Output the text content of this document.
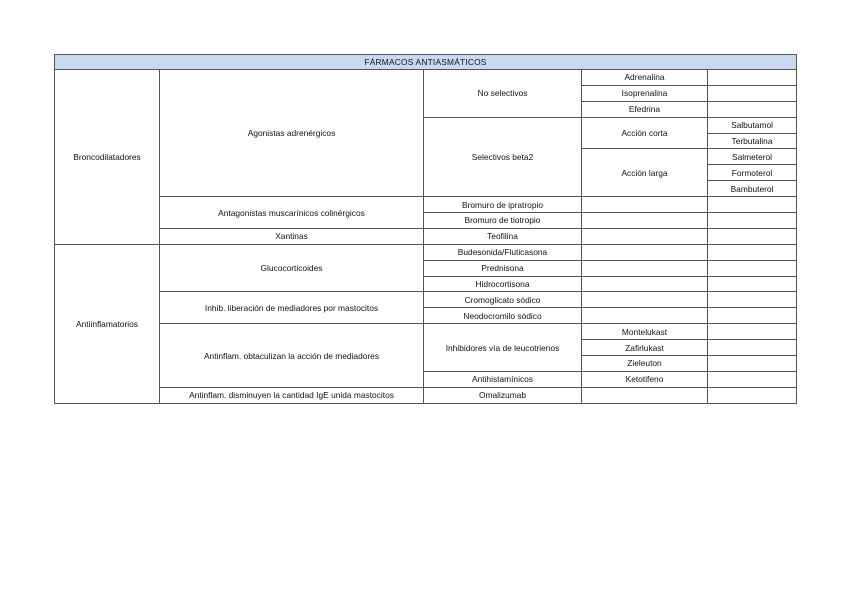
FÁRMACOS ANTIASMÁTICOS				
Broncodilatadores	Agonistas adrenérgicos	No selectivos	Adrenalina	
			Isoprenalina	
			Efedrina	
		Selectivos beta2	Acción corta	Salbutamol
				Terbutalina
			Acción larga	Salmeterol
				Formoterol
				Bambuterol
	Antagonistas muscarínicos colinérgicos	Bromuro de ipratropio		
		Bromuro de tiotropio		
	Xantinas	Teofilina		
Antiinflamatorios	Glucocorticoides	Budesonida/Fluticasona		
		Prednisona		
		Hidrocortisona		
	Inhib. liberación de mediadores por mastocitos	Cromoglicato sódico		
		Neodocromilo sódico		
	Antinflam. obtaculizan la acción de mediadores	Inhibidores vía de leucotrienos	Montelukast	
			Zafirlukast	
			Zieleuton	
		Antihistamínicos	Ketotifeno	
	Antinflam. disminuyen la cantidad IgE unida mastocitos	Omalizumab		
